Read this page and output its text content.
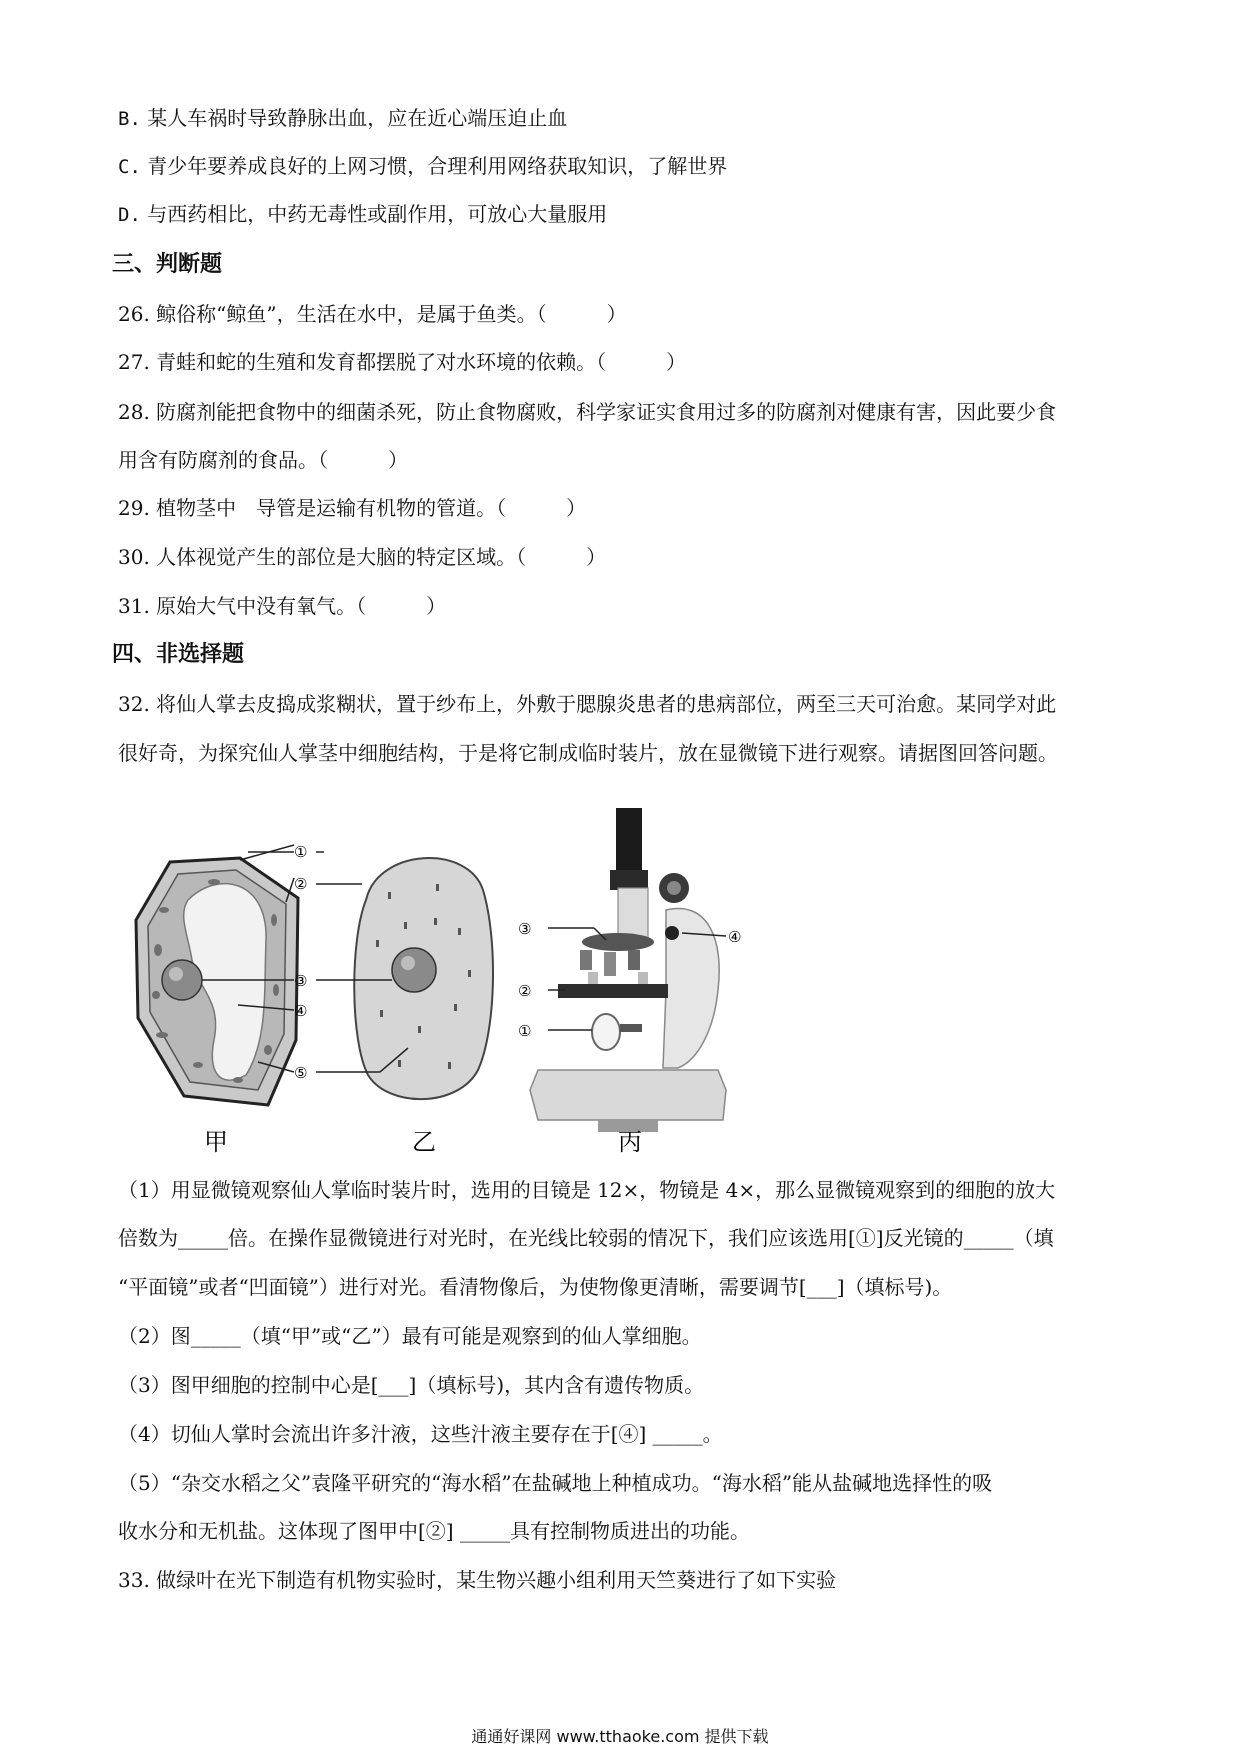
B. 某人车祸时导致静脉出血，应在近心端压迫止血
C. 青少年要养成良好的上网习惯，合理利用网络获取知识，了解世界
D. 与西药相比，中药无毒性或副作用，可放心大量服用
三、判断题
26. 鲸俗称“鲸鱼”，生活在水中，是属于鱼类。（　　　）
27. 青蛙和蛇的生殖和发育都摆脱了对水环境的依赖。（　　　）
28. 防腐剂能把食物中的细菌杀死，防止食物腐败，科学家证实食用过多的防腐剂对健康有害，因此要少食
用含有防腐剂的食品。（　　　）
29. 植物茎中　导管是运输有机物的管道。（　　　）
30. 人体视觉产生的部位是大脑的特定区域。（　　　）
31. 原始大气中没有氧气。（　　　）
四、非选择题
32. 将仙人掌去皮捣成浆糊状，置于纱布上，外敷于腮腺炎患者的患病部位，两至三天可治愈。某同学对此
很好奇，为探究仙人掌茎中细胞结构，于是将它制成临时装片，放在显微镜下进行观察。请据图回答问题。
①
②
③
④
⑤
③	④
②
①
甲	乙	丙
（1）用显微镜观察仙人掌临时装片时，选用的目镜是 12×，物镜是 4×，那么显微镜观察到的细胞的放大
倍数为_____倍。在操作显微镜进行对光时，在光线比较弱的情况下，我们应该选用[①]反光镜的_____（填
“平面镜”或者“凹面镜”）进行对光。看清物像后，为使物像更清晰，需要调节[___]（填标号)。
（2）图_____（填“甲”或“乙”）最有可能是观察到的仙人掌细胞。
（3）图甲细胞的控制中心是[___]（填标号)，其内含有遗传物质。
（4）切仙人掌时会流出许多汁液，这些汁液主要存在于[④] _____。
（5）“杂交水稻之父”袁隆平研究的“海水稻”在盐碱地上种植成功。“海水稻”能从盐碱地选择性的吸
收水分和无机盐。这体现了图甲中[②] _____具有控制物质进出的功能。
33. 做绿叶在光下制造有机物实验时，某生物兴趣小组利用天竺葵进行了如下实验
通通好课网 www.tthaoke.com 提供下载
